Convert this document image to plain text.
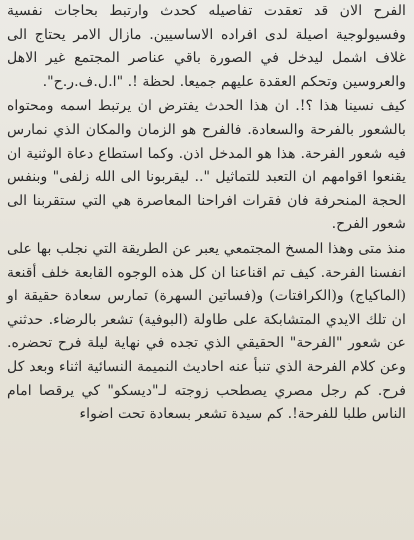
الفرح الان قد تعقدت تفاصيله كحدث وارتبط بحاجات نفسية وفسيولوجية اصيلة لدى افراده الاساسيين. مازال الامر يحتاج الى غلاف اشمل ليدخل في الصورة باقي عناصر المجتمع غير الاهل والعروسين وتحكم العقدة عليهم جميعا. لحظة !. "ا.ل.ف.ر.ح".

كيف نسينا هذا ؟!. ان هذا الحدث يفترض ان يرتبط اسمه ومحتواه بالشعور بالفرحة والسعادة. فالفرح هو الزمان والمكان الذي نمارس فيه شعور الفرحة. هذا هو المدخل اذن. وكما استطاع دعاة الوثنية ان يقنعوا اقوامهم ان التعبد للتماثيل ".. ليقربونا الى الله زلفى" وبنفس الحجة المنحرفة فان فقرات افراحنا المعاصرة هي التي ستقربنا الى شعور الفرح.

منذ متى وهذا المسخ المجتمعي يعبر عن الطريقة التي نجلب بها على انفسنا الفرحة. كيف تم اقناعنا ان كل هذه الوجوه القابعة خلف أقنعة (الماكياج) و(الكرافتات) و(فساتين السهرة) تمارس سعادة حقيقة او ان تلك الايدي المتشابكة على طاولة (البوفية) تشعر بالرضاء. حدثني عن شعور "الفرحة" الحقيقي الذي تجده في نهاية ليلة فرح تحضره. وعن كلام الفرحة الذي تنبأ عنه احاديث النميمة النسائية اثناء وبعد كل فرح. كم رجل مصري يصطحب زوجته لـ"ديسكو" كي يرقصا امام الناس طلبا للفرحة!. كم سيدة تشعر بسعادة تحت اضواء
